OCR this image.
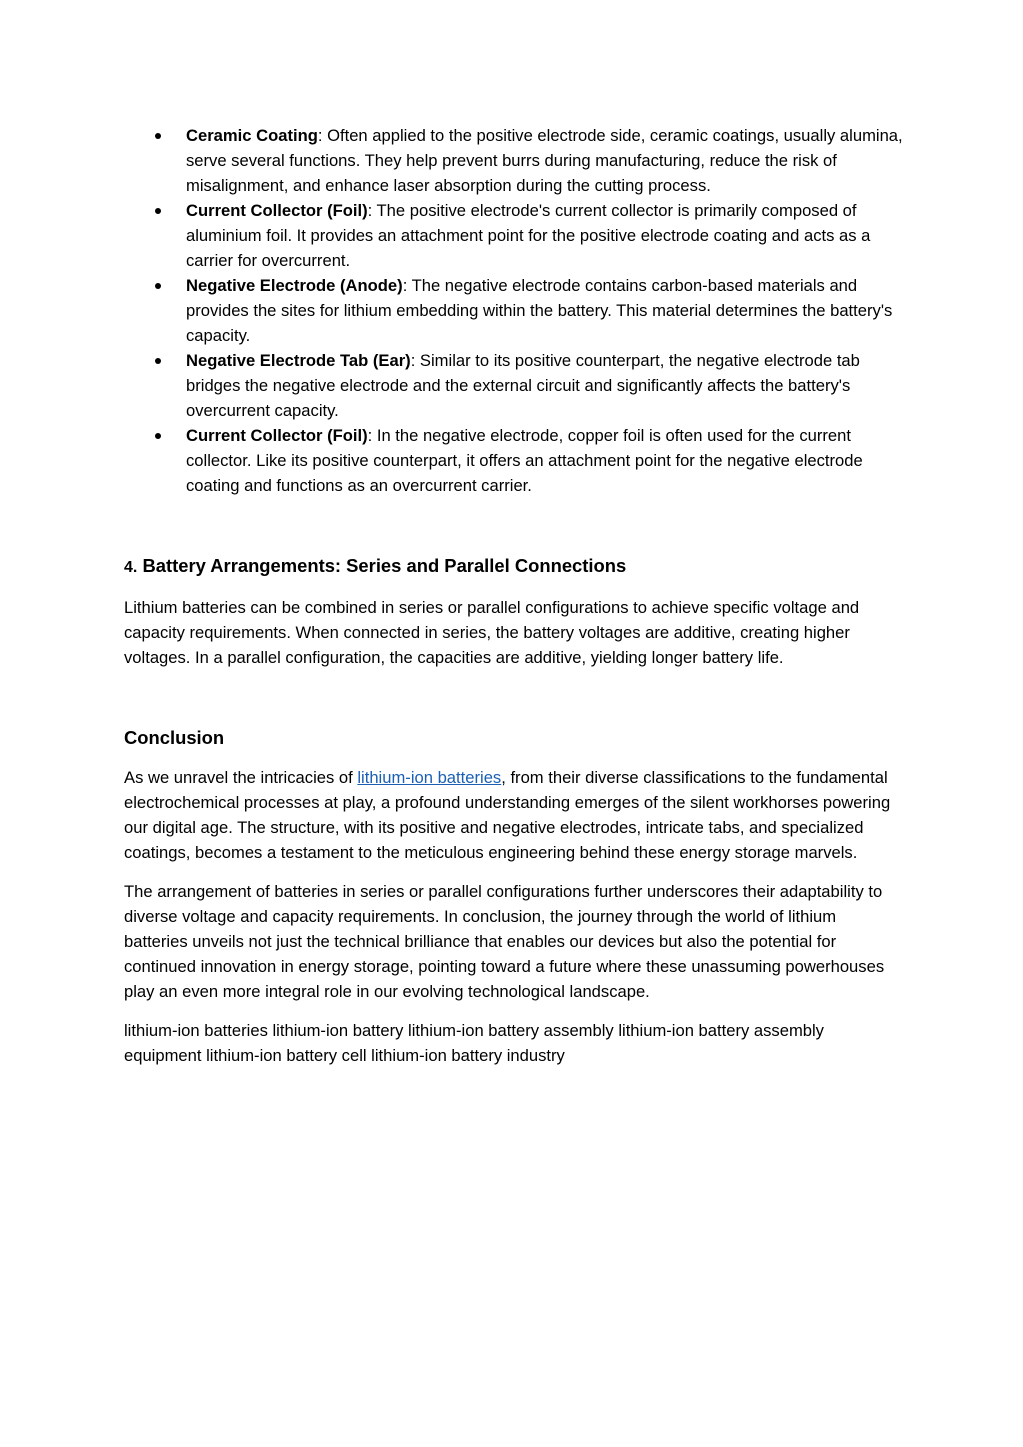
Ceramic Coating: Often applied to the positive electrode side, ceramic coatings, usually alumina, serve several functions. They help prevent burrs during manufacturing, reduce the risk of misalignment, and enhance laser absorption during the cutting process.
Current Collector (Foil): The positive electrode's current collector is primarily composed of aluminium foil. It provides an attachment point for the positive electrode coating and acts as a carrier for overcurrent.
Negative Electrode (Anode): The negative electrode contains carbon-based materials and provides the sites for lithium embedding within the battery. This material determines the battery's capacity.
Negative Electrode Tab (Ear): Similar to its positive counterpart, the negative electrode tab bridges the negative electrode and the external circuit and significantly affects the battery's overcurrent capacity.
Current Collector (Foil): In the negative electrode, copper foil is often used for the current collector. Like its positive counterpart, it offers an attachment point for the negative electrode coating and functions as an overcurrent carrier.
4. Battery Arrangements: Series and Parallel Connections

Lithium batteries can be combined in series or parallel configurations to achieve specific voltage and capacity requirements. When connected in series, the battery voltages are additive, creating higher voltages. In a parallel configuration, the capacities are additive, yielding longer battery life.

Conclusion

As we unravel the intricacies of lithium-ion batteries, from their diverse classifications to the fundamental electrochemical processes at play, a profound understanding emerges of the silent workhorses powering our digital age. The structure, with its positive and negative electrodes, intricate tabs, and specialized coatings, becomes a testament to the meticulous engineering behind these energy storage marvels.

The arrangement of batteries in series or parallel configurations further underscores their adaptability to diverse voltage and capacity requirements. In conclusion, the journey through the world of lithium batteries unveils not just the technical brilliance that enables our devices but also the potential for continued innovation in energy storage, pointing toward a future where these unassuming powerhouses play an even more integral role in our evolving technological landscape.

lithium-ion batteries lithium-ion battery lithium-ion battery assembly lithium-ion battery assembly equipment lithium-ion battery cell lithium-ion battery industry
